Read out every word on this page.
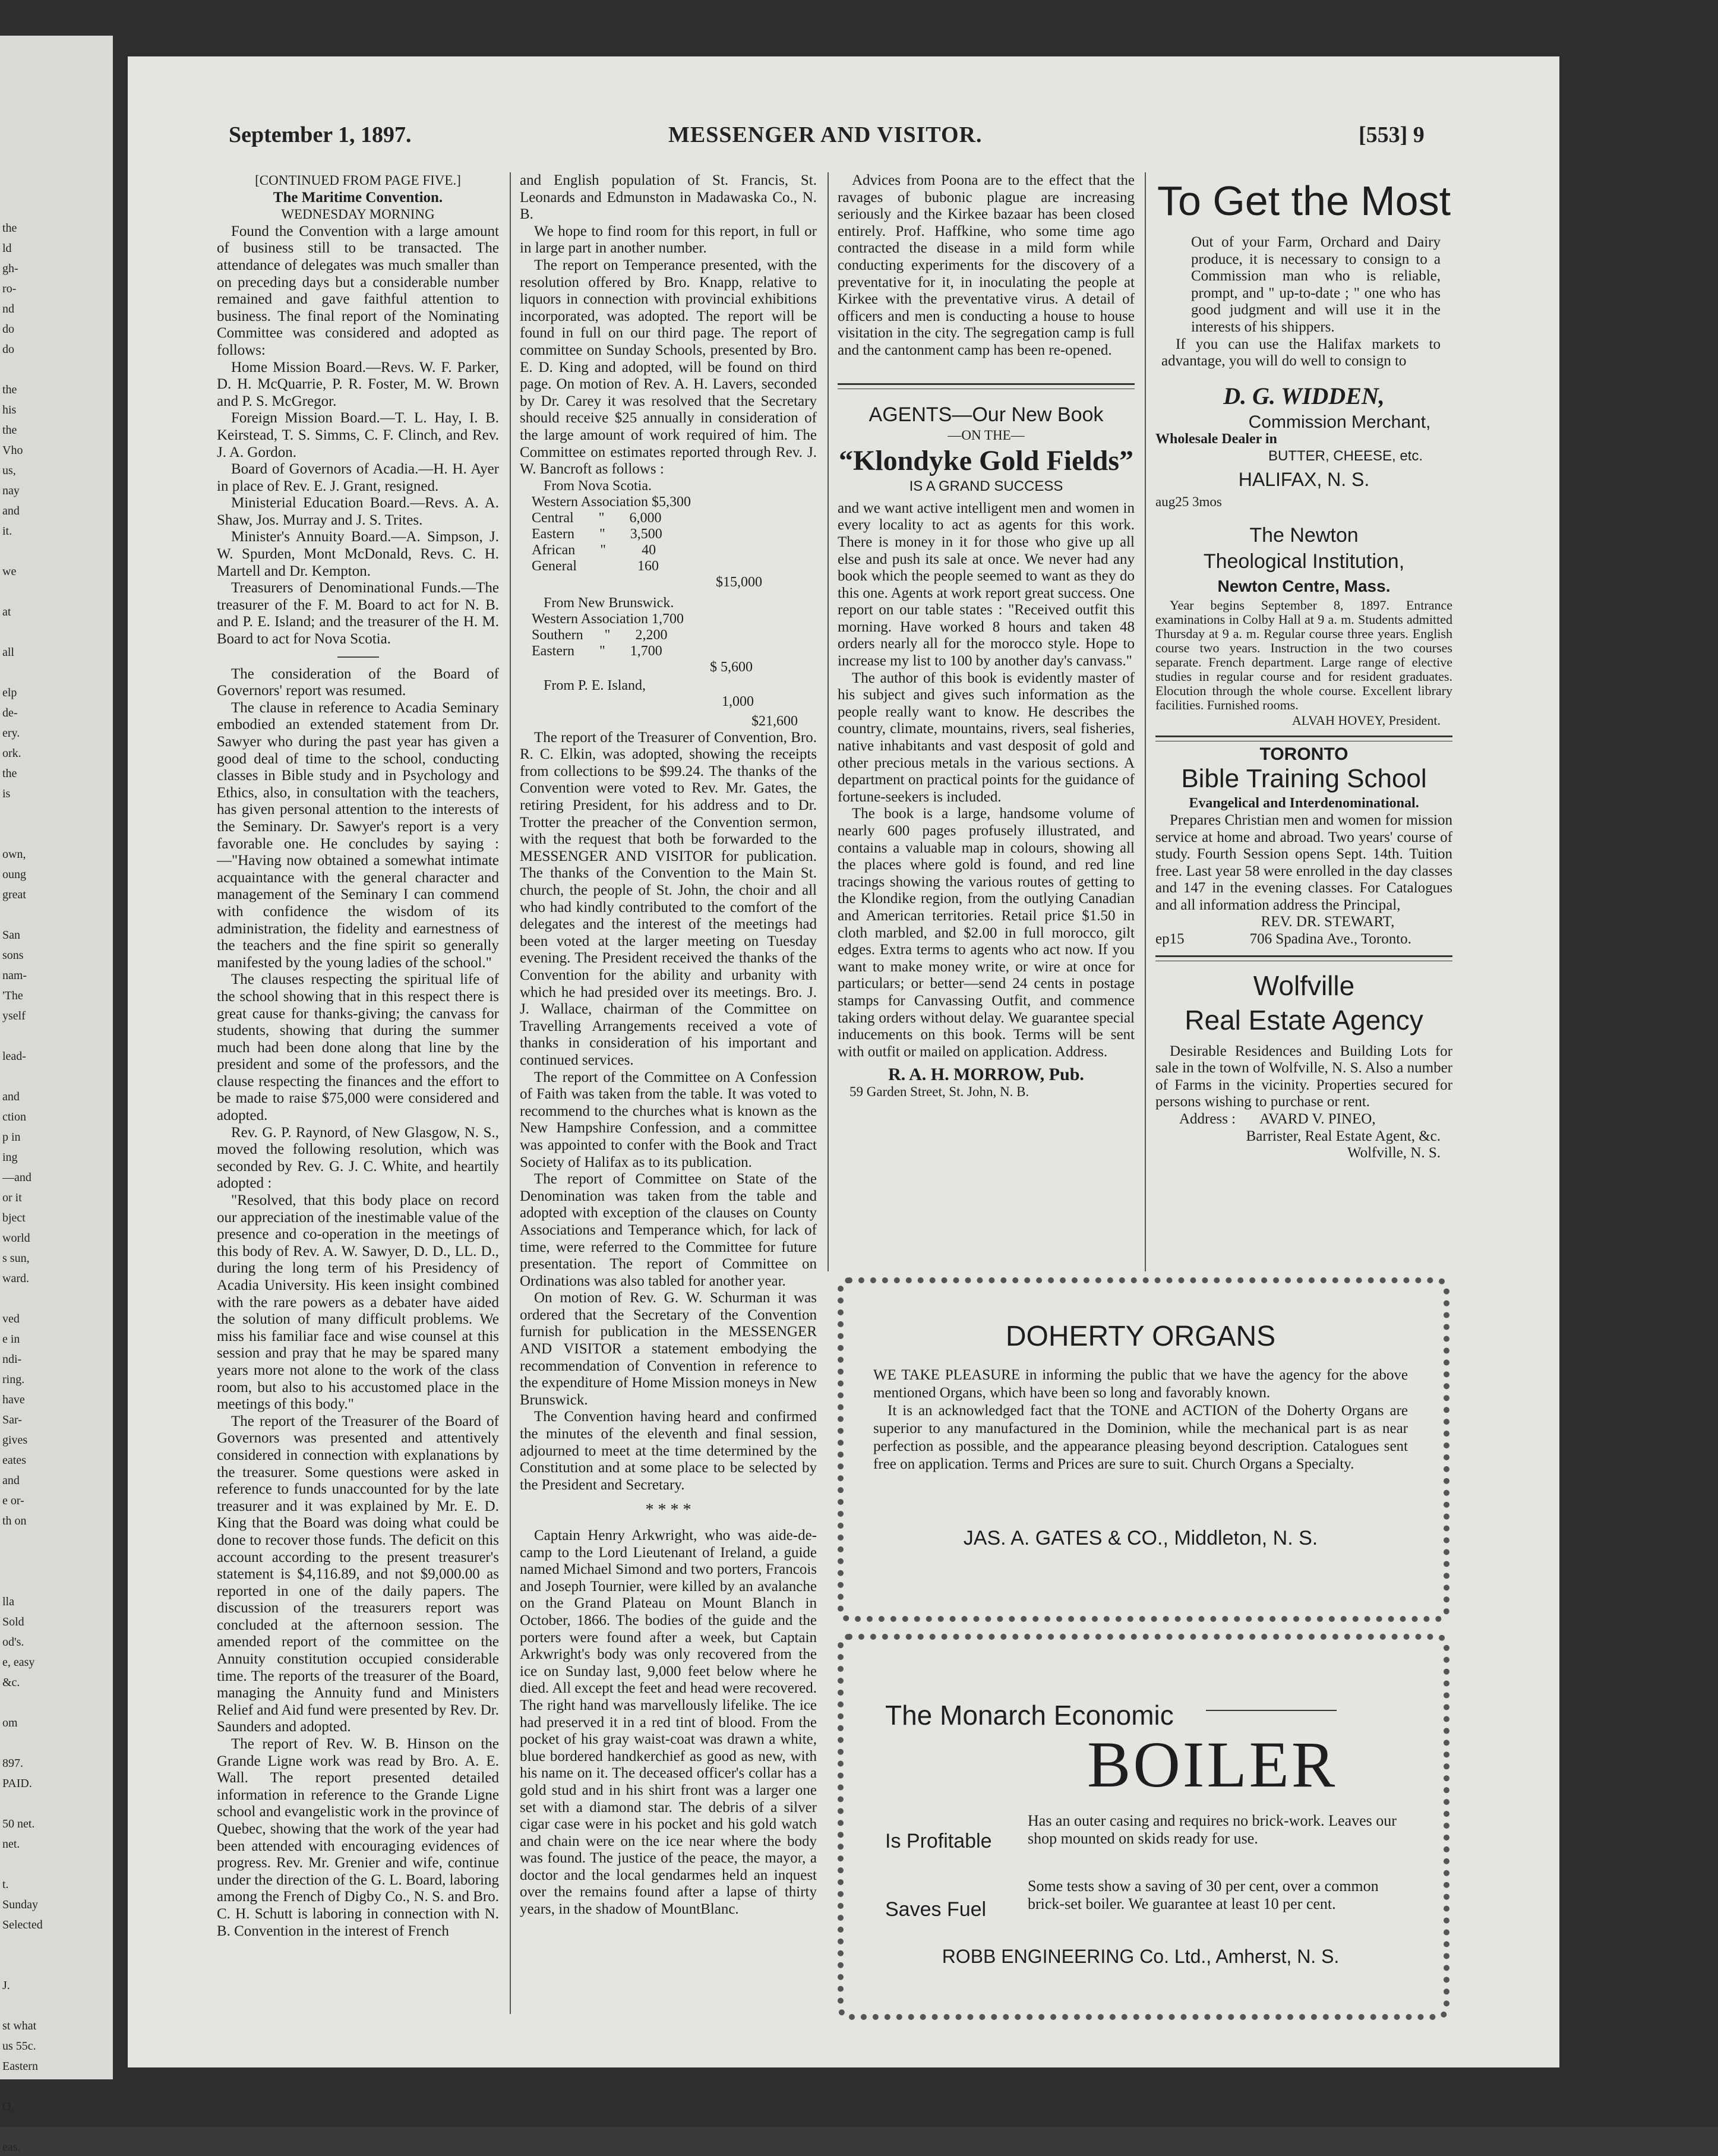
the
ld
gh-
ro-
nd
do
do
the
his
the
Vho
us,
nay
and
it.
we
at
all
elp
de-
ery.
ork.
the
is
own,
oung
great
San
sons
nam-
'The
yself
lead-
and
ction
p in
ing
—and
or it
bject
world
s sun,
ward.
ved
e in
ndi-
ring.
have
Sar-
gives
eates
and
e or-
th on
lla
Sold
od's.
e, easy
&c.
om
897.
PAID.
50 net.
net.
t.
Sunday
Selected
J.
st what
us 55c.
Eastern
O,
eas.
September 1, 1897.	MESSENGER AND VISITOR.	[553] 9

[CONTINUED FROM PAGE FIVE.]

The Maritime Convention.

WEDNESDAY MORNING

Found the Convention with a large amount of business still to be transacted. The attendance of delegates was much smaller than on preceding days but a considerable number remained and gave faithful attention to business. The final report of the Nominating Committee was considered and adopted as follows:

Home Mission Board.—Revs. W. F. Parker, D. H. McQuarrie, P. R. Foster, M. W. Brown and P. S. McGregor.

Foreign Mission Board.—T. L. Hay, I. B. Keirstead, T. S. Simms, C. F. Clinch, and Rev. J. A. Gordon.

Board of Governors of Acadia.—H. H. Ayer in place of Rev. E. J. Grant, resigned.

Ministerial Education Board.—Revs. A. A. Shaw, Jos. Murray and J. S. Trites.

Minister's Annuity Board.—A. Simpson, J. W. Spurden, Mont McDonald, Revs. C. H. Martell and Dr. Kempton.

Treasurers of Denominational Funds.—The treasurer of the F. M. Board to act for N. B. and P. E. Island; and the treasurer of the H. M. Board to act for Nova Scotia.

The consideration of the Board of Governors' report was resumed.

The clause in reference to Acadia Seminary embodied an extended statement from Dr. Sawyer who during the past year has given a good deal of time to the school, conducting classes in Bible study and in Psychology and Ethics, also, in consultation with the teachers, has given personal attention to the interests of the Seminary. Dr. Sawyer's report is a very favorable one. He concludes by saying :—"Having now obtained a somewhat intimate acquaintance with the general character and management of the Seminary I can commend with confidence the wisdom of its administration, the fidelity and earnestness of the teachers and the fine spirit so generally manifested by the young ladies of the school."

The clauses respecting the spiritual life of the school showing that in this respect there is great cause for thanks-giving; the canvass for students, showing that during the summer much had been done along that line by the president and some of the professors, and the clause respecting the finances and the effort to be made to raise $75,000 were considered and adopted.

Rev. G. P. Raynord, of New Glasgow, N. S., moved the following resolution, which was seconded by Rev. G. J. C. White, and heartily adopted :

"Resolved, that this body place on record our appreciation of the inestimable value of the presence and co-operation in the meetings of this body of Rev. A. W. Sawyer, D. D., LL. D., during the long term of his Presidency of Acadia University. His keen insight combined with the rare powers as a debater have aided the solution of many difficult problems. We miss his familiar face and wise counsel at this session and pray that he may be spared many years more not alone to the work of the class room, but also to his accustomed place in the meetings of this body."

The report of the Treasurer of the Board of Governors was presented and attentively considered in connection with explanations by the treasurer. Some questions were asked in reference to funds unaccounted for by the late treasurer and it was explained by Mr. E. D. King that the Board was doing what could be done to recover those funds. The deficit on this account according to the present treasurer's statement is $4,116.89, and not $9,000.00 as reported in one of the daily papers. The discussion of the treasurers report was concluded at the afternoon session. The amended report of the committee on the Annuity constitution occupied considerable time. The reports of the treasurer of the Board, managing the Annuity fund and Ministers Relief and Aid fund were presented by Rev. Dr. Saunders and adopted.

The report of Rev. W. B. Hinson on the Grande Ligne work was read by Bro. A. E. Wall. The report presented detailed information in reference to the Grande Ligne school and evangelistic work in the province of Quebec, showing that the work of the year had been attended with encouraging evidences of progress. Rev. Mr. Grenier and wife, continue under the direction of the G. L. Board, laboring among the French of Digby Co., N. S. and Bro. C. H. Schutt is laboring in connection with N. B. Convention in the interest of French

and English population of St. Francis, St. Leonards and Edmunston in Madawaska Co., N. B.

We hope to find room for this report, in full or in large part in another number.

The report on Temperance presented, with the resolution offered by Bro. Knapp, relative to liquors in connection with provincial exhibitions incorporated, was adopted. The report will be found in full on our third page. The report of committee on Sunday Schools, presented by Bro. E. D. King and adopted, will be found on third page. On motion of Rev. A. H. Lavers, seconded by Dr. Carey it was resolved that the Secretary should receive $25 annually in consideration of the large amount of work required of him. The Committee on estimates reported through Rev. J. W. Bancroft as follows :

From Nova Scotia.
Western Association $5,300
Central       "       6,000
Eastern       "       3,500
African       "          40
General                 160
$15,000
From New Brunswick.
Western Association 1,700
Southern      "       2,200
Eastern       "       1,700
$ 5,600
From P. E. Island,
1,000
$21,600

The report of the Treasurer of Convention, Bro. R. C. Elkin, was adopted, showing the receipts from collections to be $99.24. The thanks of the Convention were voted to Rev. Mr. Gates, the retiring President, for his address and to Dr. Trotter the preacher of the Convention sermon, with the request that both be forwarded to the MESSENGER AND VISITOR for publication. The thanks of the Convention to the Main St. church, the people of St. John, the choir and all who had kindly contributed to the comfort of the delegates and the interest of the meetings had been voted at the larger meeting on Tuesday evening. The President received the thanks of the Convention for the ability and urbanity with which he had presided over its meetings. Bro. J. J. Wallace, chairman of the Committee on Travelling Arrangements received a vote of thanks in consideration of his important and continued services.

The report of the Committee on A Confession of Faith was taken from the table. It was voted to recommend to the churches what is known as the New Hampshire Confession, and a committee was appointed to confer with the Book and Tract Society of Halifax as to its publication.

The report of Committee on State of the Denomination was taken from the table and adopted with exception of the clauses on County Associations and Temperance which, for lack of time, were referred to the Committee for future presentation. The report of Committee on Ordinations was also tabled for another year.

On motion of Rev. G. W. Schurman it was ordered that the Secretary of the Convention furnish for publication in the MESSENGER AND VISITOR a statement embodying the recommendation of Convention in reference to the expenditure of Home Mission moneys in New Brunswick.

The Convention having heard and confirmed the minutes of the eleventh and final session, adjourned to meet at the time determined by the Constitution and at some place to be selected by the President and Secretary.

* * * *

Captain Henry Arkwright, who was aide-de-camp to the Lord Lieutenant of Ireland, a guide named Michael Simond and two porters, Francois and Joseph Tournier, were killed by an avalanche on the Grand Plateau on Mount Blanch in October, 1866. The bodies of the guide and the porters were found after a week, but Captain Arkwright's body was only recovered from the ice on Sunday last, 9,000 feet below where he died. All except the feet and head were recovered. The right hand was marvellously lifelike. The ice had preserved it in a red tint of blood. From the pocket of his gray waist-coat was drawn a white, blue bordered handkerchief as good as new, with his name on it. The deceased officer's collar has a gold stud and in his shirt front was a larger one set with a diamond star. The debris of a silver cigar case were in his pocket and his gold watch and chain were on the ice near where the body was found. The justice of the peace, the mayor, a doctor and the local gendarmes held an inquest over the remains found after a lapse of thirty years, in the shadow of MountBlanc.

Advices from Poona are to the effect that the ravages of bubonic plague are increasing seriously and the Kirkee bazaar has been closed entirely. Prof. Haffkine, who some time ago contracted the disease in a mild form while conducting experiments for the discovery of a preventative for it, in inoculating the people at Kirkee with the preventative virus. A detail of officers and men is conducting a house to house visitation in the city. The segregation camp is full and the cantonment camp has been re-opened.

AGENTS—Our New Book

—ON THE—

“Klondyke Gold Fields”

IS A GRAND SUCCESS

and we want active intelligent men and women in every locality to act as agents for this work. There is money in it for those who give up all else and push its sale at once. We never had any book which the people seemed to want as they do this one. Agents at work report great success. One report on our table states : "Received outfit this morning. Have worked 8 hours and taken 48 orders nearly all for the morocco style. Hope to increase my list to 100 by another day's canvass."

The author of this book is evidently master of his subject and gives such information as the people really want to know. He describes the country, climate, mountains, rivers, seal fisheries, native inhabitants and vast desposit of gold and other precious metals in the various sections. A department on practical points for the guidance of fortune-seekers is included.

The book is a large, handsome volume of nearly 600 pages profusely illustrated, and contains a valuable map in colours, showing all the places where gold is found, and red line tracings showing the various routes of getting to the Klondike region, from the outlying Canadian and American territories. Retail price $1.50 in cloth marbled, and $2.00 in full morocco, gilt edges. Extra terms to agents who act now. If you want to make money write, or wire at once for particulars; or better—send 24 cents in postage stamps for Canvassing Outfit, and commence taking orders without delay. We guarantee special inducements on this book. Terms will be sent with outfit or mailed on application. Address.

R. A. H. MORROW, Pub.

59 Garden Street, St. John, N. B.

To Get the Most

Out of your Farm, Orchard and Dairy produce, it is necessary to consign to a Commission man who is reliable, prompt, and " up-to-date ; " one who has good judgment and will use it in the interests of his shippers.

If you can use the Halifax markets to advantage, you will do well to consign to

D. G. WIDDEN,

Commission Merchant,

Wholesale Dealer in

BUTTER, CHEESE, etc.

HALIFAX, N. S.

aug25 3mos

The Newton

Theological Institution,

Newton Centre, Mass.

Year begins September 8, 1897. Entrance examinations in Colby Hall at 9 a. m. Students admitted Thursday at 9 a. m. Regular course three years. English course two years. Instruction in the two courses separate. French department. Large range of elective studies in regular course and for resident graduates. Elocution through the whole course. Excellent library facilities. Furnished rooms.

ALVAH HOVEY, President.

TORONTO

Bible Training School

Evangelical and Interdenominational.

Prepares Christian men and women for mission service at home and abroad. Two years' course of study. Fourth Session opens Sept. 14th. Tuition free. Last year 58 were enrolled in the day classes and 147 in the evening classes. For Catalogues and all information address the Principal,

REV. DR. STEWART,

ep15	706 Spadina Ave., Toronto.

Wolfville

Real Estate Agency

Desirable Residences and Building Lots for sale in the town of Wolfville, N. S. Also a number of Farms in the vicinity. Properties secured for persons wishing to purchase or rent.

Address : AVARD V. PINEO,

Barrister, Real Estate Agent, &c.

Wolfville, N. S.

DOHERTY ORGANS

WE TAKE PLEASURE in informing the public that we have the agency for the above mentioned Organs, which have been so long and favorably known.

It is an acknowledged fact that the TONE and ACTION of the Doherty Organs are superior to any manufactured in the Dominion, while the mechanical part is as near perfection as possible, and the appearance pleasing beyond description. Catalogues sent free on application. Terms and Prices are sure to suit. Church Organs a Specialty.

JAS. A. GATES & CO., Middleton, N. S.
The Monarch Economic
BOILER
Is Profitable
Has an outer casing and requires no brick-work. Leaves our shop mounted on skids ready for use.
Saves Fuel
Some tests show a saving of 30 per cent, over a common brick-set boiler. We guarantee at least 10 per cent.
ROBB ENGINEERING Co. Ltd., Amherst, N. S.
